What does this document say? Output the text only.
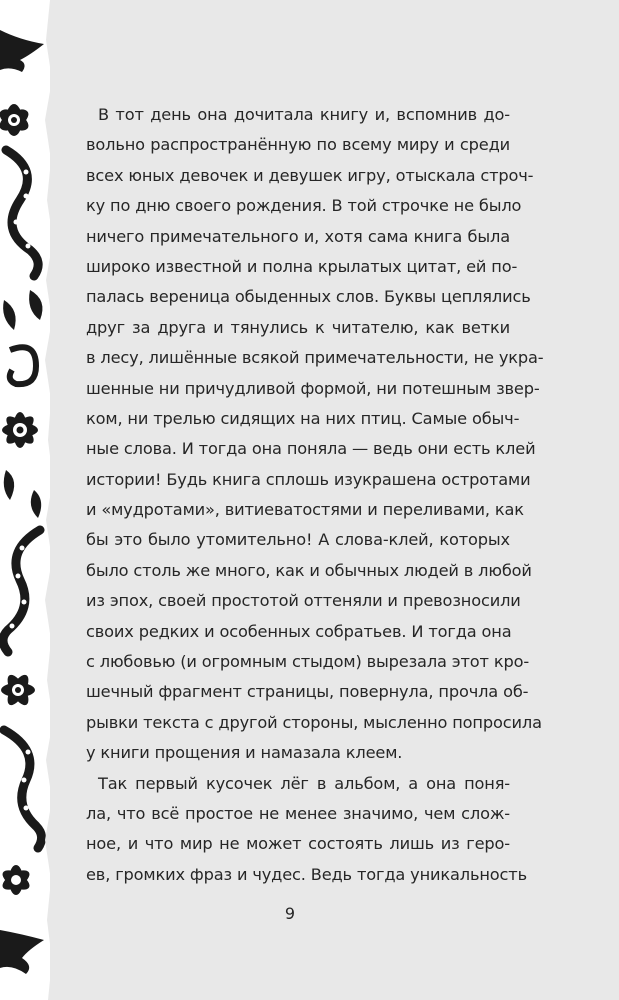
В тот день она дочитала книгу и, вспомнив до-
вольно распространённую по всему миру и среди
всех юных девочек и девушек игру, отыскала строч-
ку по дню своего рождения. В той строчке не было
ничего примечательного и, хотя сама книга была
широко известной и полна крылатых цитат, ей по-
палась вереница обыденных слов. Буквы цеплялись
друг за друга и тянулись к читателю, как ветки
в лесу, лишённые всякой примечательности, не укра-
шенные ни причудливой формой, ни потешным звер-
ком, ни трелью сидящих на них птиц. Самые обыч-
ные слова. И тогда она поняла — ведь они есть клей
истории! Будь книга сплошь изукрашена остротами
и «мудротами», витиеватостями и переливами, как
бы это было утомительно! А слова-клей, которых
было столь же много, как и обычных людей в любой
из эпох, своей простотой оттеняли и превозносили
своих редких и особенных собратьев. И тогда она
с любовью (и огромным стыдом) вырезала этот кро-
шечный фрагмент страницы, повернула, прочла об-
рывки текста с другой стороны, мысленно попросила
у книги прощения и намазала клеем.
Так первый кусочек лёг в альбом, а она поня-
ла, что всё простое не менее значимо, чем слож-
ное, и что мир не может состоять лишь из геро-
ев, громких фраз и чудес. Ведь тогда уникальность
9
